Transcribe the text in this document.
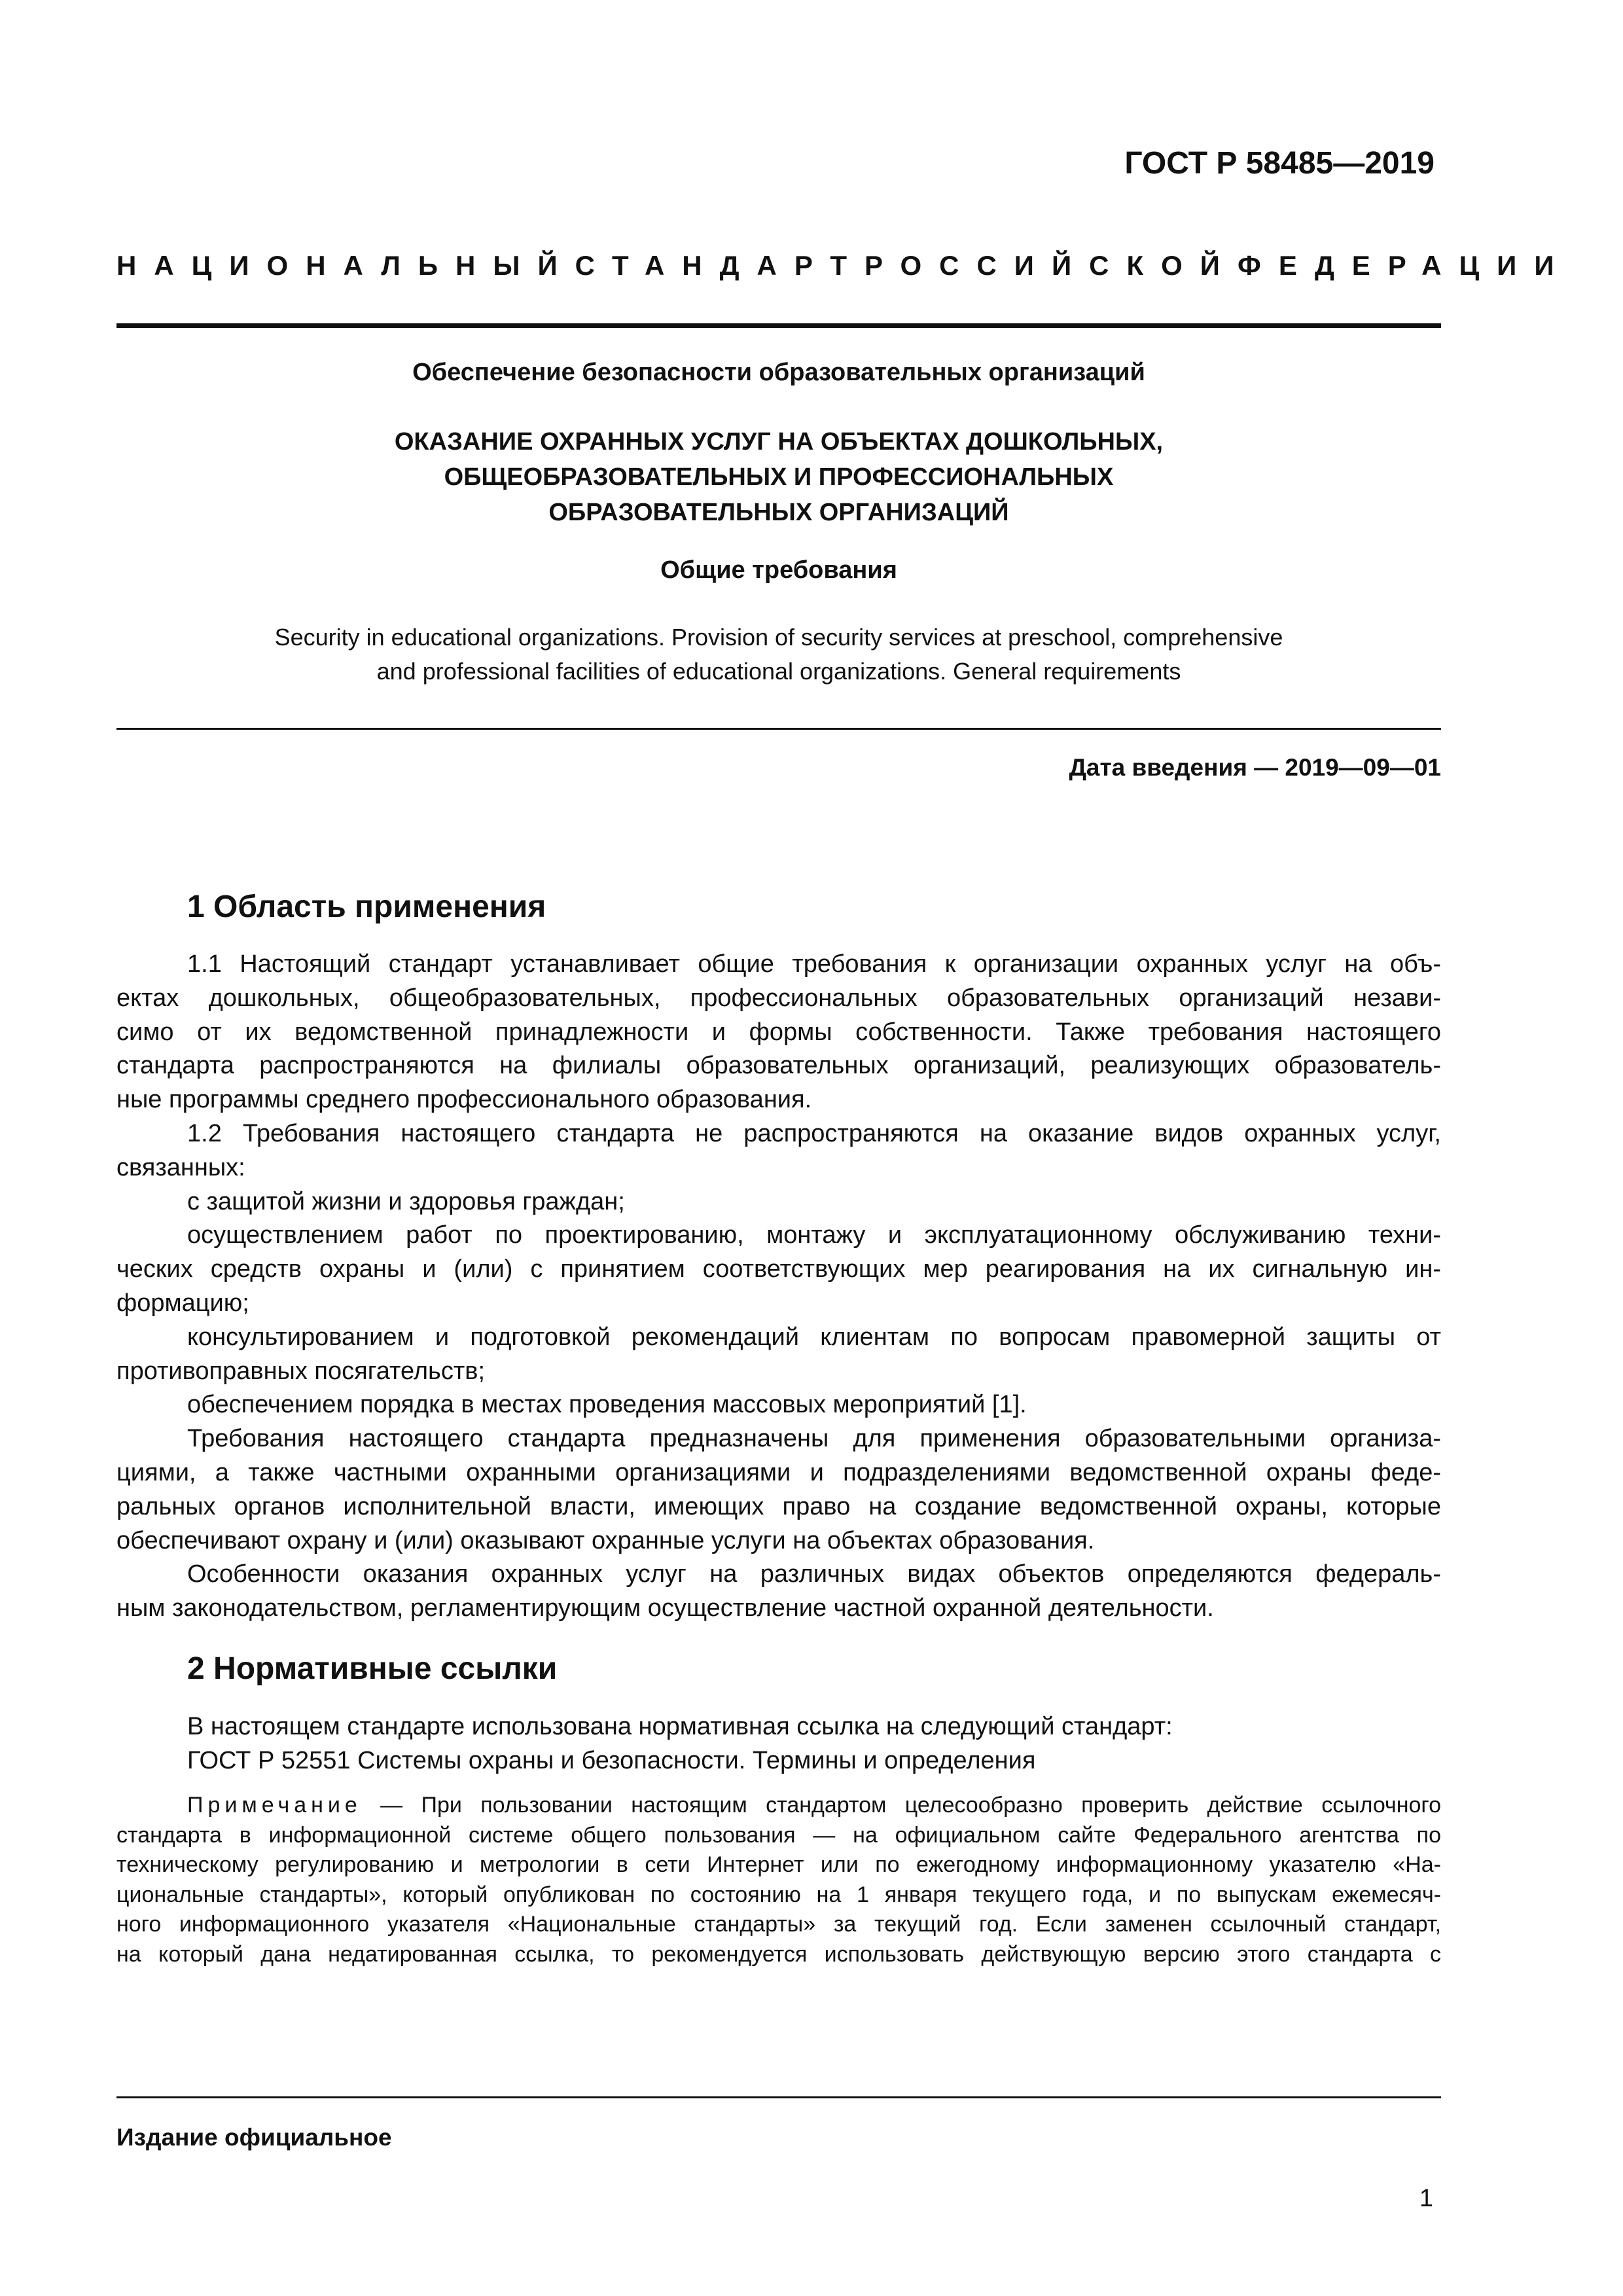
ГОСТ Р 58485—2019
НАЦИОНАЛЬНЫЙ СТАНДАРТ РОССИЙСКОЙ ФЕДЕРАЦИИ
Обеспечение безопасности образовательных организаций
ОКАЗАНИЕ ОХРАННЫХ УСЛУГ НА ОБЪЕКТАХ ДОШКОЛЬНЫХ,
ОБЩЕОБРАЗОВАТЕЛЬНЫХ И ПРОФЕССИОНАЛЬНЫХ
ОБРАЗОВАТЕЛЬНЫХ ОРГАНИЗАЦИЙ
Общие требования
Security in educational organizations. Provision of security services at preschool, comprehensive
and professional facilities of educational organizations. General requirements
Дата введения — 2019—09—01
1 Область применения
1.1 Настоящий стандарт устанавливает общие требования к организации охранных услуг на объ-
ектах дошкольных, общеобразовательных, профессиональных образовательных организаций незави-
симо от их ведомственной принадлежности и формы собственности. Также требования настоящего
стандарта распространяются на филиалы образовательных организаций, реализующих образователь-
ные программы среднего профессионального образования.
1.2 Требования настоящего стандарта не распространяются на оказание видов охранных услуг,
связанных:
с защитой жизни и здоровья граждан;
осуществлением работ по проектированию, монтажу и эксплуатационному обслуживанию техни-
ческих средств охраны и (или) с принятием соответствующих мер реагирования на их сигнальную ин-
формацию;
консультированием и подготовкой рекомендаций клиентам по вопросам правомерной защиты от
противоправных посягательств;
обеспечением порядка в местах проведения массовых мероприятий [1].
Требования настоящего стандарта предназначены для применения образовательными организа-
циями, а также частными охранными организациями и подразделениями ведомственной охраны феде-
ральных органов исполнительной власти, имеющих право на создание ведомственной охраны, которые
обеспечивают охрану и (или) оказывают охранные услуги на объектах образования.
Особенности оказания охранных услуг на различных видах объектов определяются федераль-
ным законодательством, регламентирующим осуществление частной охранной деятельности.
2 Нормативные ссылки
В настоящем стандарте использована нормативная ссылка на следующий стандарт:
ГОСТ Р 52551 Системы охраны и безопасности. Термины и определения
Примечание — При пользовании настоящим стандартом целесообразно проверить действие ссылочного
стандарта в информационной системе общего пользования — на официальном сайте Федерального агентства по
техническому регулированию и метрологии в сети Интернет или по ежегодному информационному указателю «На-
циональные стандарты», который опубликован по состоянию на 1 января текущего года, и по выпускам ежемесяч-
ного информационного указателя «Национальные стандарты» за текущий год. Если заменен ссылочный стандарт,
на который дана недатированная ссылка, то рекомендуется использовать действующую версию этого стандарта с
Издание официальное
1
